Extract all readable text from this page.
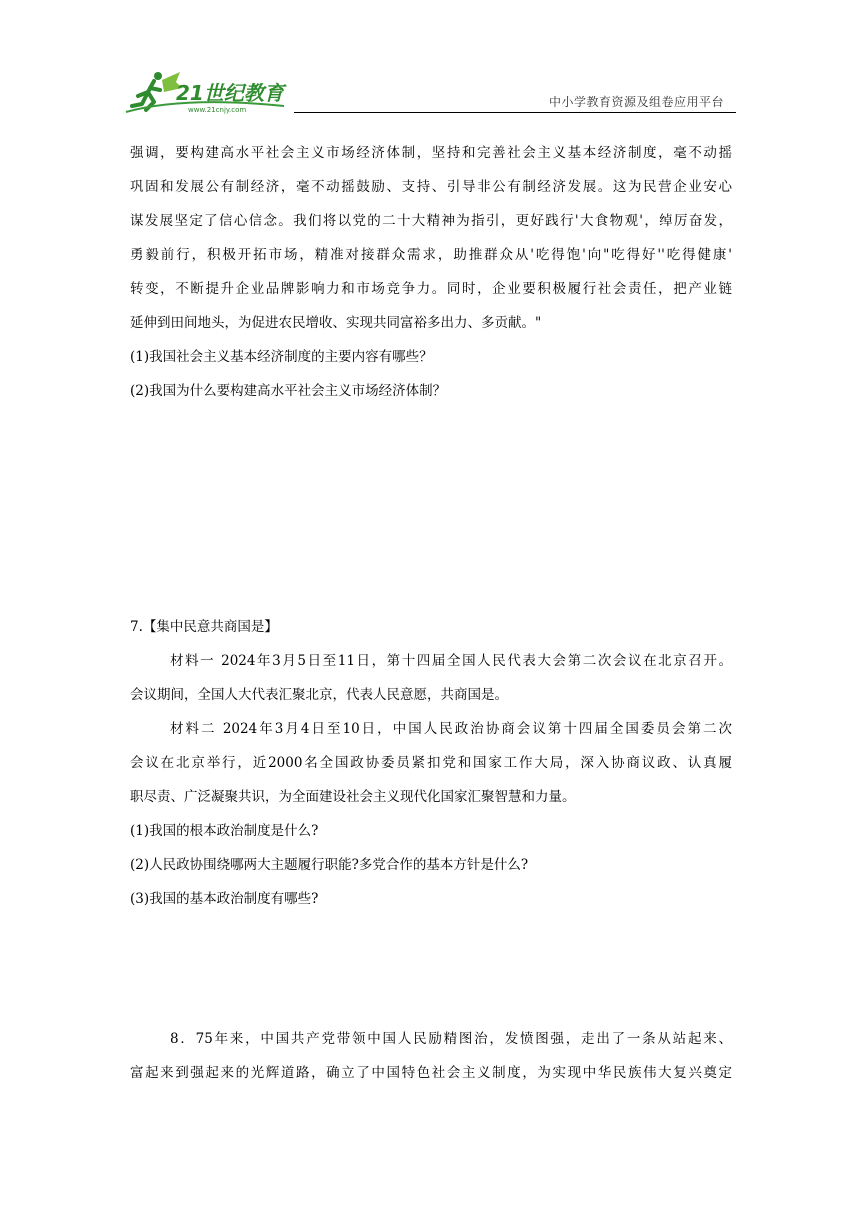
21世纪教育
www.21cnjy.com
中小学教育资源及组卷应用平台
强调，要构建高水平社会主义市场经济体制，坚持和完善社会主义基本经济制度，毫不动摇
巩固和发展公有制经济，毫不动摇鼓励、支持、引导非公有制经济发展。这为民营企业安心
谋发展坚定了信心信念。我们将以党的二十大精神为指引，更好践行'大食物观'，绰厉奋发，
勇毅前行，积极开拓市场，精准对接群众需求，助推群众从'吃得饱'向"吃得好''吃得健康'
转变，不断提升企业品牌影响力和市场竞争力。同时，企业要积极履行社会责任，把产业链
延伸到田间地头，为促进农民增收、实现共同富裕多出力、多贡献。"
(1)我国社会主义基本经济制度的主要内容有哪些？
(2)我国为什么要构建高水平社会主义市场经济体制？
7.【集中民意共商国是】
材料一 2024年3月5日至11日，第十四届全国人民代表大会第二次会议在北京召开。
会议期间，全国人大代表汇聚北京，代表人民意愿，共商国是。
材料二 2024年3月4日至10日，中国人民政治协商会议第十四届全国委员会第二次
会议在北京举行，近2000名全国政协委员紧扣党和国家工作大局，深入协商议政、认真履
职尽责、广泛凝聚共识，为全面建设社会主义现代化国家汇聚智慧和力量。
(1)我国的根本政治制度是什么?
(2)人民政协围绕哪两大主题履行职能?多党合作的基本方针是什么?
(3)我国的基本政治制度有哪些?
8．75年来，中国共产党带领中国人民励精图治，发愤图强，走出了一条从站起来、
富起来到强起来的光辉道路，确立了中国特色社会主义制度，为实现中华民族伟大复兴奠定
